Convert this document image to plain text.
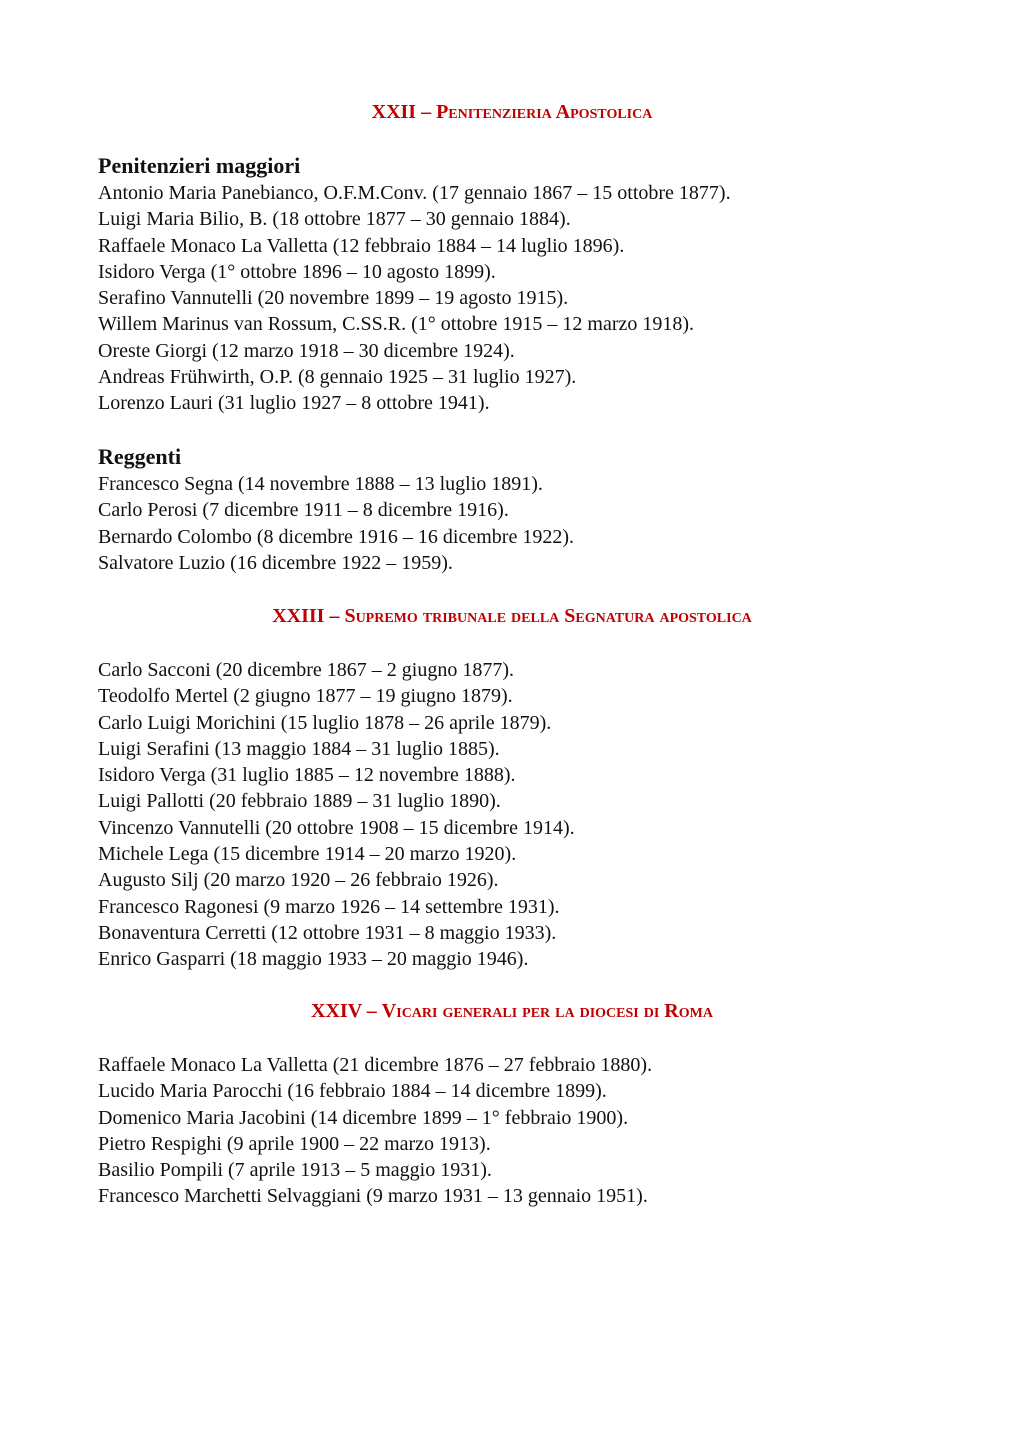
XXII – Penitenzieria Apostolica
Penitenzieri maggiori
Antonio Maria Panebianco, O.F.M.Conv. (17 gennaio 1867 – 15 ottobre 1877).
Luigi Maria Bilio, B. (18 ottobre 1877 – 30 gennaio 1884).
Raffaele Monaco La Valletta (12 febbraio 1884 – 14 luglio 1896).
Isidoro Verga (1° ottobre 1896 – 10 agosto 1899).
Serafino Vannutelli (20 novembre 1899 – 19 agosto 1915).
Willem Marinus van Rossum, C.SS.R. (1° ottobre 1915 – 12 marzo 1918).
Oreste Giorgi (12 marzo 1918 – 30 dicembre 1924).
Andreas Frühwirth, O.P. (8 gennaio 1925 – 31 luglio 1927).
Lorenzo Lauri (31 luglio 1927 – 8 ottobre 1941).
Reggenti
Francesco Segna (14 novembre 1888 – 13 luglio 1891).
Carlo Perosi (7 dicembre 1911 – 8 dicembre 1916).
Bernardo Colombo (8 dicembre 1916 – 16 dicembre 1922).
Salvatore Luzio (16 dicembre 1922 – 1959).
XXIII – Supremo tribunale della Segnatura apostolica
Carlo Sacconi (20 dicembre 1867 – 2 giugno 1877).
Teodolfo Mertel (2 giugno 1877 – 19 giugno 1879).
Carlo Luigi Morichini (15 luglio 1878 – 26 aprile 1879).
Luigi Serafini (13 maggio 1884 – 31 luglio 1885).
Isidoro Verga (31 luglio 1885 – 12 novembre 1888).
Luigi Pallotti (20 febbraio 1889 – 31 luglio 1890).
Vincenzo Vannutelli (20 ottobre 1908 – 15 dicembre 1914).
Michele Lega (15 dicembre 1914 – 20 marzo 1920).
Augusto Silj (20 marzo 1920 – 26 febbraio 1926).
Francesco Ragonesi (9 marzo 1926 – 14 settembre 1931).
Bonaventura Cerretti (12 ottobre 1931 – 8 maggio 1933).
Enrico Gasparri (18 maggio 1933 – 20 maggio 1946).
XXIV – Vicari generali per la diocesi di Roma
Raffaele Monaco La Valletta (21 dicembre 1876 – 27 febbraio 1880).
Lucido Maria Parocchi (16 febbraio 1884 – 14 dicembre 1899).
Domenico Maria Jacobini (14 dicembre 1899 – 1° febbraio 1900).
Pietro Respighi (9 aprile 1900 – 22 marzo 1913).
Basilio Pompili (7 aprile 1913 – 5 maggio 1931).
Francesco Marchetti Selvaggiani (9 marzo 1931 – 13 gennaio 1951).
